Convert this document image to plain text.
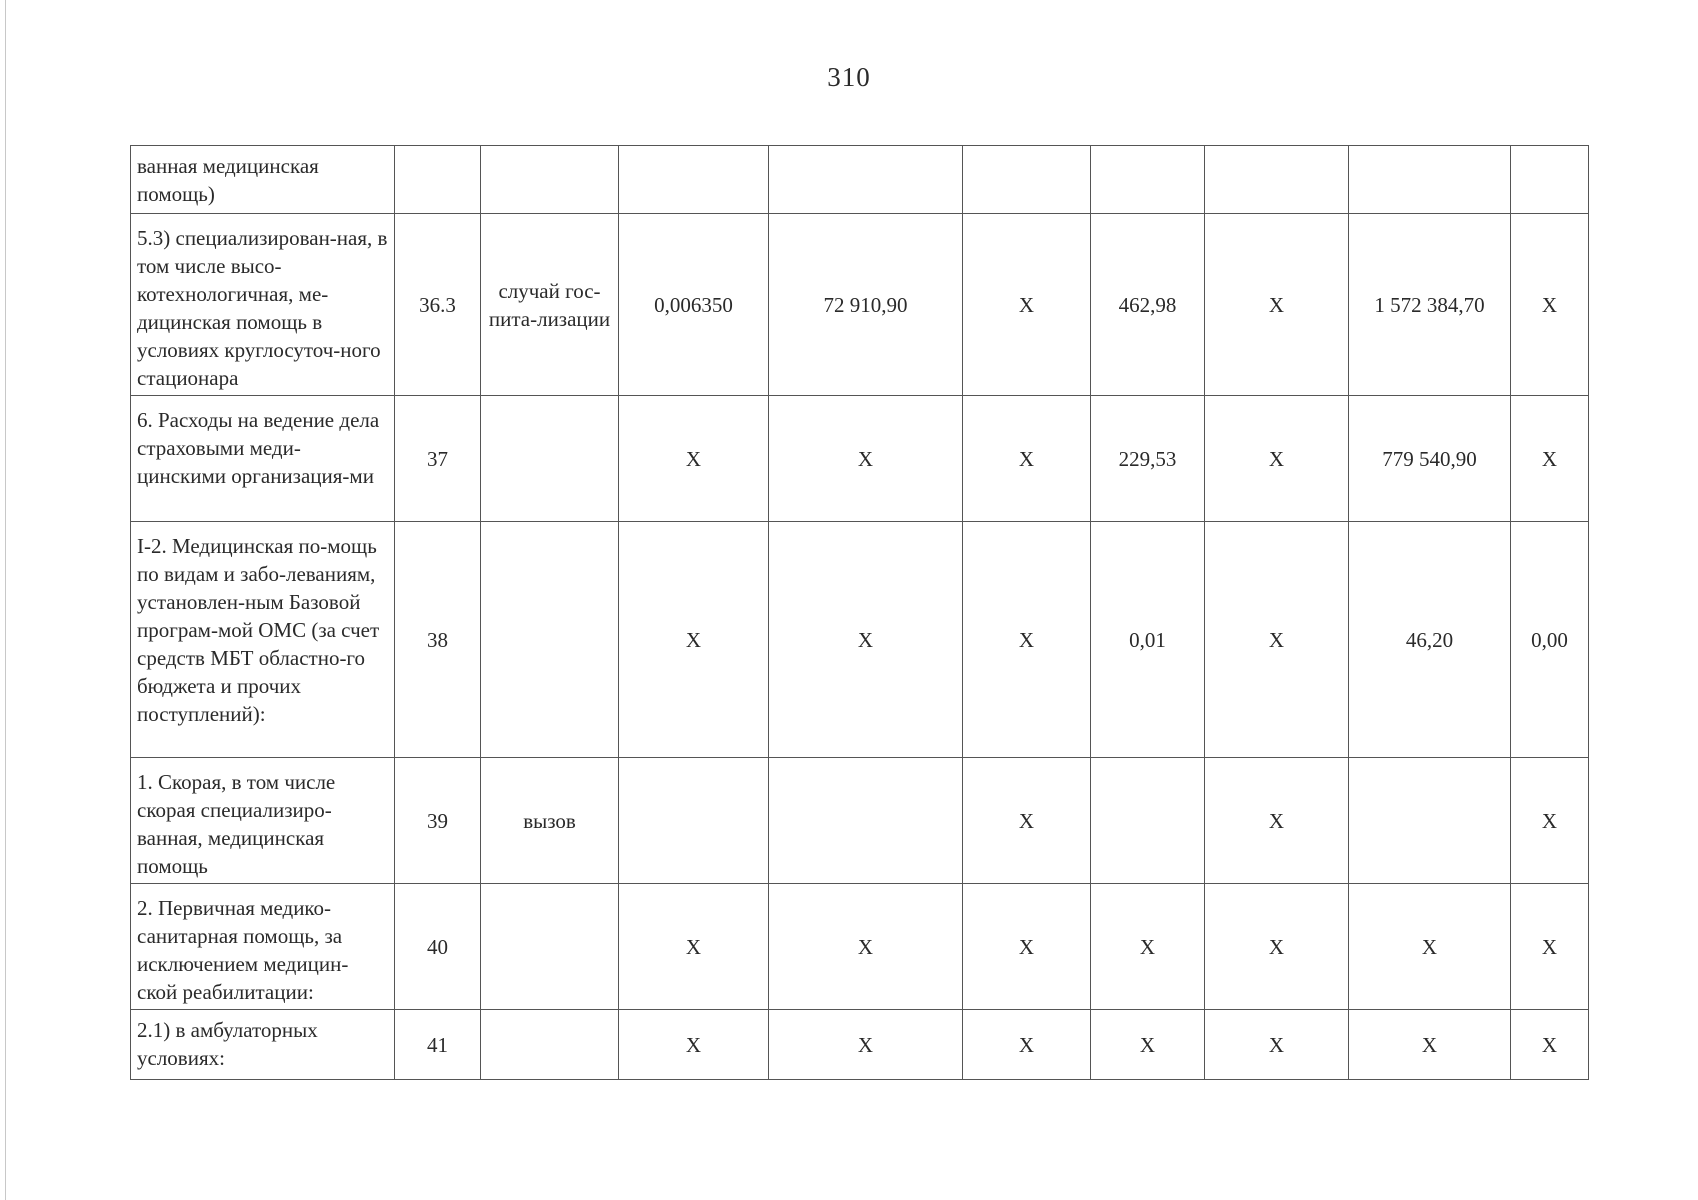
310
ванная медицинская помощь)									
5.3) специализирован-ная, в том числе высо-котехнологичная, ме-дицинская помощь в условиях круглосуточ-ного стационара	36.3	случай гос-пита-лизации	0,006350	72 910,90	X	462,98	X	1 572 384,70	X
6. Расходы на ведение дела страховыми меди-цинскими организация-ми	37		X	X	X	229,53	X	779 540,90	X
I-2. Медицинская по-мощь по видам и забо-леваниям, установлен-ным Базовой програм-мой ОМС (за счет средств МБТ областно-го бюджета и прочих поступлений):	38		X	X	X	0,01	X	46,20	0,00
1. Скорая, в том числе скорая специализиро-ванная, медицинская помощь	39	вызов			X		X		X
2. Первичная медико-санитарная помощь, за исключением медицин-ской реабилитации:	40		X	X	X	X	X	X	X
2.1) в амбулаторных условиях:	41		X	X	X	X	X	X	X
